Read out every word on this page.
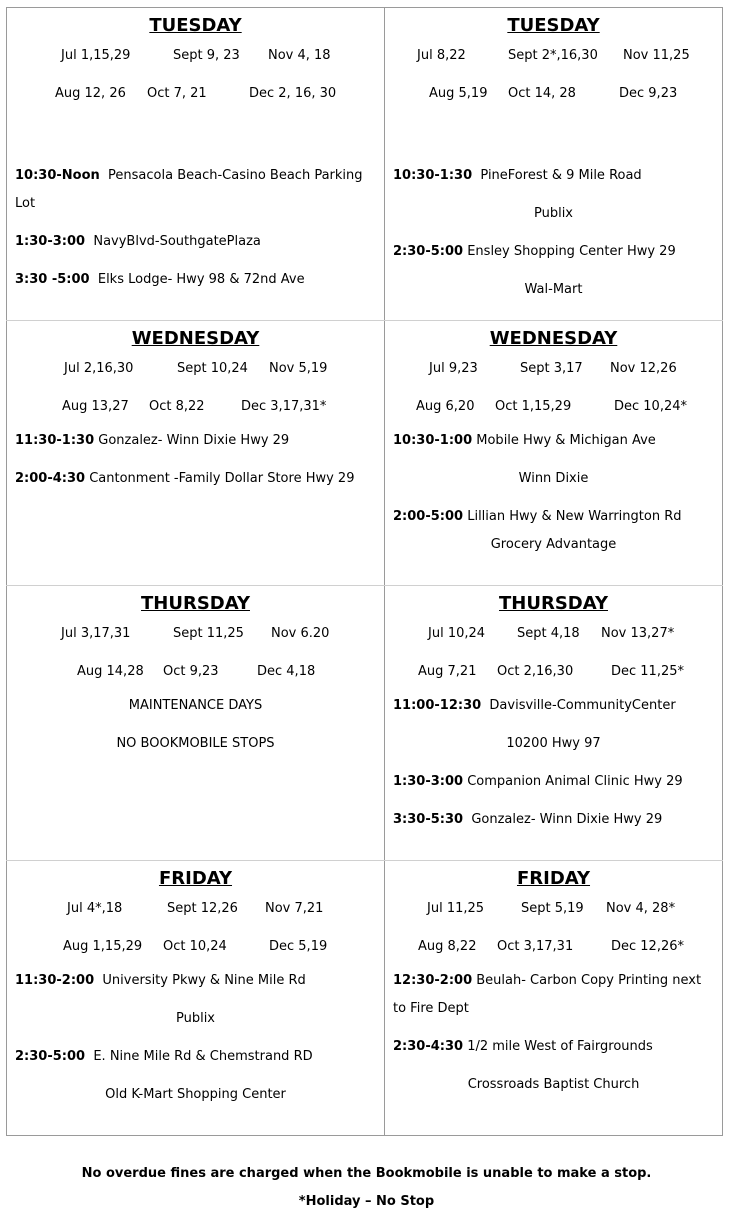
TUESDAY
Jul 1,15,29	Sept 9, 23 Nov 4, 18
Aug 12, 26 Oct 7, 21	Dec 2, 16, 30
10:30-Noon Pensacola Beach-Casino Beach Parking Lot
1:30-3:00 NavyBlvd-SouthgatePlaza
3:30 -5:00 Elks Lodge- Hwy 98 & 72nd Ave
TUESDAY
Jul 8,22	Sept 2*,16,30 Nov 11,25
Aug 5,19 Oct 14, 28	Dec 9,23
10:30-1:30 PineForest & 9 Mile Road
Publix
2:30-5:00 Ensley Shopping Center Hwy 29
Wal-Mart
WEDNESDAY
Jul 2,16,30	Sept 10,24 Nov 5,19
Aug 13,27 Oct 8,22	Dec 3,17,31*
11:30-1:30 Gonzalez- Winn Dixie Hwy 29
2:00-4:30 Cantonment -Family Dollar Store Hwy 29
WEDNESDAY
Jul 9,23	Sept 3,17 Nov 12,26
Aug 6,20 Oct 1,15,29	Dec 10,24*
10:30-1:00 Mobile Hwy & Michigan Ave
Winn Dixie
2:00-5:00 Lillian Hwy & New Warrington Rd
Grocery Advantage
THURSDAY
Jul 3,17,31	Sept 11,25 Nov 6.20
Aug 14,28 Oct 9,23	Dec 4,18
MAINTENANCE DAYS
NO BOOKMOBILE STOPS
THURSDAY
Jul 10,24 Sept 4,18 Nov 13,27*
Aug 7,21 Oct 2,16,30	Dec 11,25*
11:00-12:30 Davisville-CommunityCenter
10200 Hwy 97
1:30-3:00 Companion Animal Clinic Hwy 29
3:30-5:30 Gonzalez- Winn Dixie Hwy 29
FRIDAY
Jul 4*,18	Sept 12,26 Nov 7,21
Aug 1,15,29 Oct 10,24	Dec 5,19
11:30-2:00 University Pkwy & Nine Mile Rd
Publix
2:30-5:00 E. Nine Mile Rd & Chemstrand RD
Old K-Mart Shopping Center
FRIDAY
Jul 11,25	Sept 5,19 Nov 4, 28*
Aug 8,22 Oct 3,17,31	Dec 12,26*
12:30-2:00 Beulah- Carbon Copy Printing next to Fire Dept
2:30-4:30 1/2 mile West of Fairgrounds
Crossroads Baptist Church
No overdue fines are charged when the Bookmobile is unable to make a stop.
*Holiday – No Stop
